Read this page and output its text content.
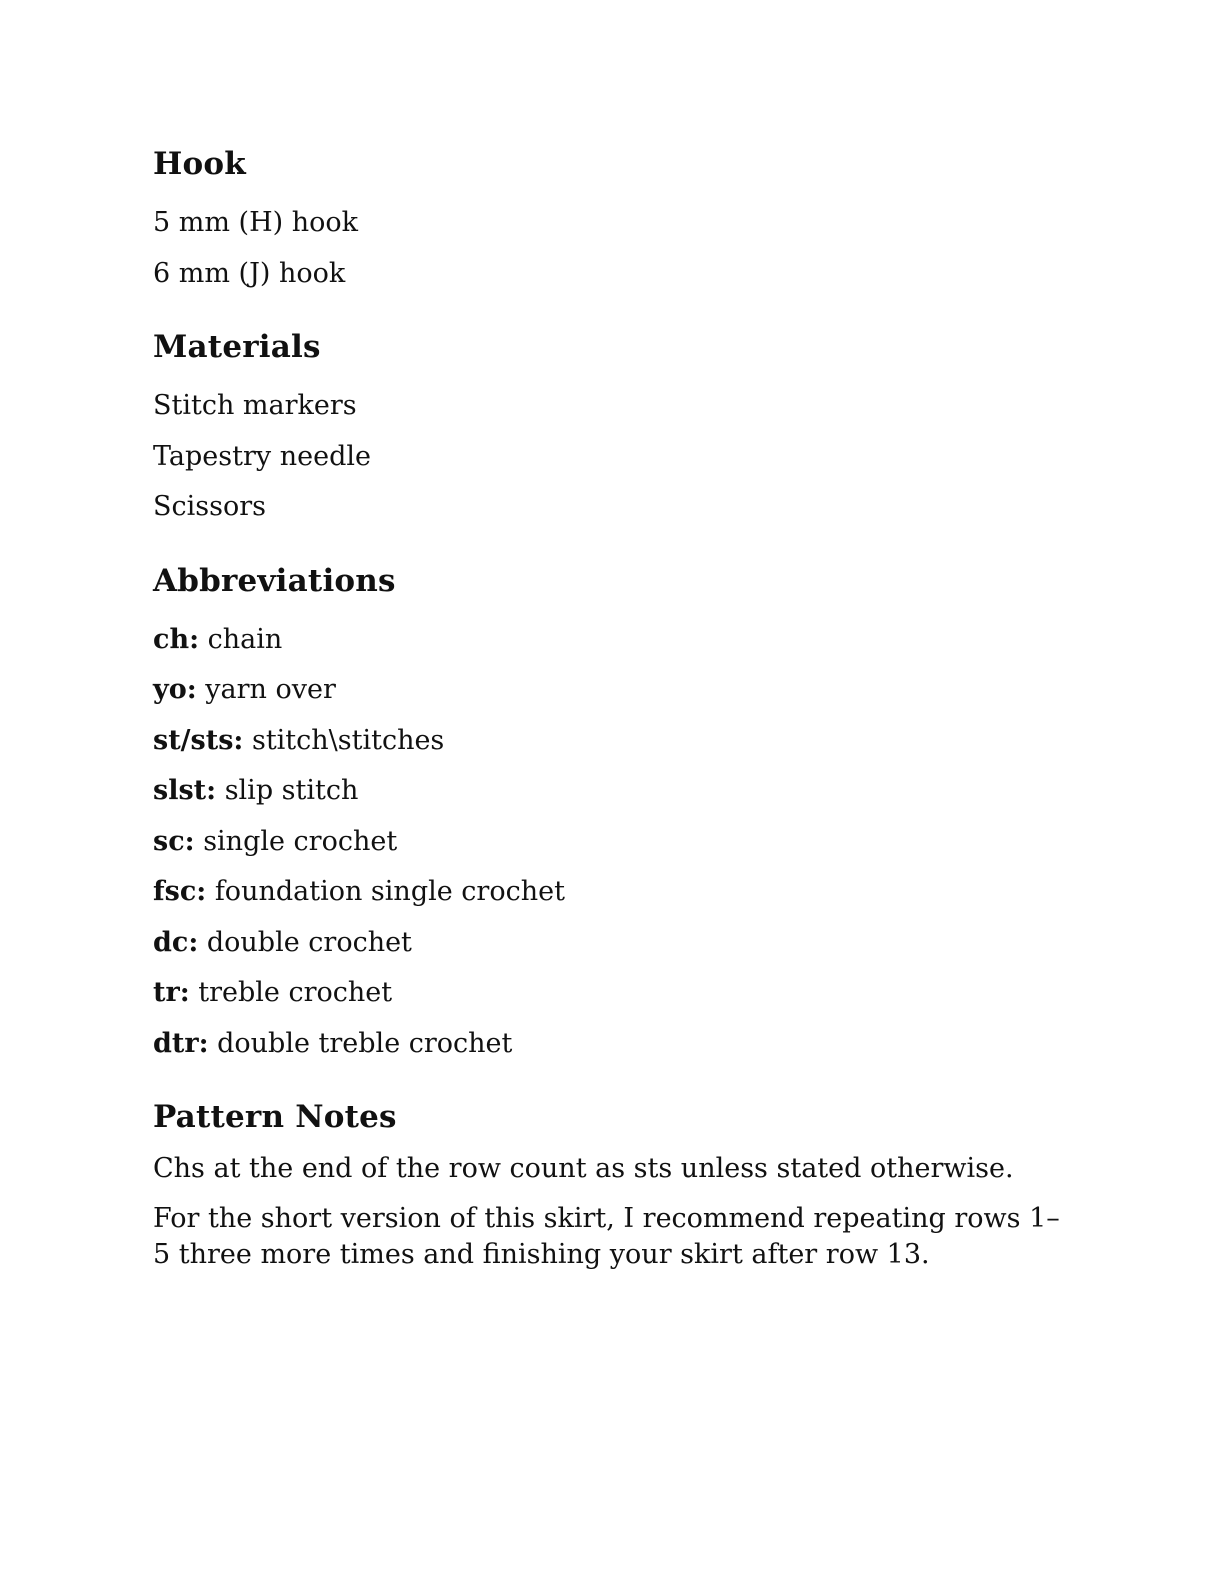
Hook

5 mm (H) hook

6 mm (J) hook

Materials

Stitch markers

Tapestry needle

Scissors

Abbreviations

ch: chain

yo: yarn over

st/sts: stitch\stitches

slst: slip stitch

sc: single crochet

fsc: foundation single crochet

dc: double crochet

tr: treble crochet

dtr: double treble crochet

Pattern Notes

Chs at the end of the row count as sts unless stated otherwise.

For the short version of this skirt, I recommend repeating rows 1–5 three more times and finishing your skirt after row 13.
